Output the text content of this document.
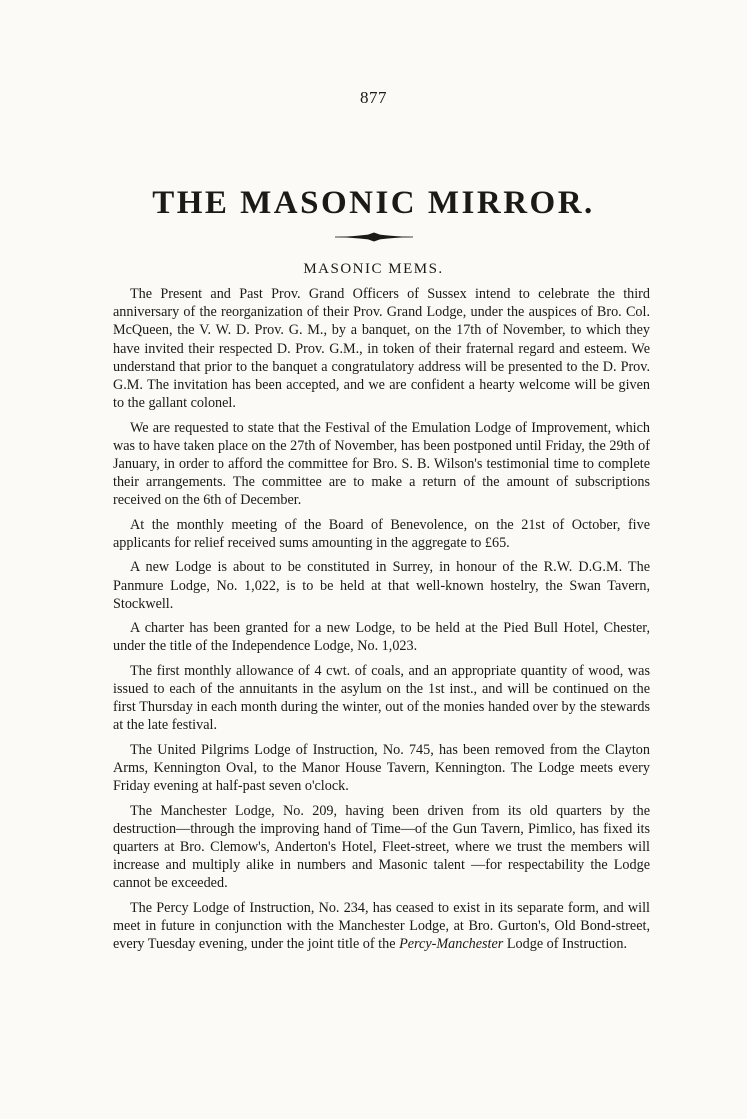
877
THE MASONIC MIRROR.
MASONIC MEMS.

The Present and Past Prov. Grand Officers of Sussex intend to celebrate the third anniversary of the reorganization of their Prov. Grand Lodge, under the auspices of Bro. Col. McQueen, the V. W. D. Prov. G. M., by a banquet, on the 17th of November, to which they have invited their respected D. Prov. G.M., in token of their fraternal regard and esteem. We understand that prior to the banquet a congratulatory address will be presented to the D. Prov. G.M. The invitation has been accepted, and we are confident a hearty welcome will be given to the gallant colonel.

We are requested to state that the Festival of the Emulation Lodge of Improvement, which was to have taken place on the 27th of November, has been postponed until Friday, the 29th of January, in order to afford the committee for Bro. S. B. Wilson's testimonial time to complete their arrangements. The committee are to make a return of the amount of subscriptions received on the 6th of December.

At the monthly meeting of the Board of Benevolence, on the 21st of October, five applicants for relief received sums amounting in the aggregate to £65.

A new Lodge is about to be constituted in Surrey, in honour of the R.W. D.G.M. The Panmure Lodge, No. 1,022, is to be held at that well-known hostelry, the Swan Tavern, Stockwell.

A charter has been granted for a new Lodge, to be held at the Pied Bull Hotel, Chester, under the title of the Independence Lodge, No. 1,023.

The first monthly allowance of 4 cwt. of coals, and an appropriate quantity of wood, was issued to each of the annuitants in the asylum on the 1st inst., and will be continued on the first Thursday in each month during the winter, out of the monies handed over by the stewards at the late festival.

The United Pilgrims Lodge of Instruction, No. 745, has been removed from the Clayton Arms, Kennington Oval, to the Manor House Tavern, Kennington. The Lodge meets every Friday evening at half-past seven o'clock.

The Manchester Lodge, No. 209, having been driven from its old quarters by the destruction—through the improving hand of Time—of the Gun Tavern, Pimlico, has fixed its quarters at Bro. Clemow's, Anderton's Hotel, Fleet-street, where we trust the members will increase and multiply alike in numbers and Masonic talent —for respectability the Lodge cannot be exceeded.

The Percy Lodge of Instruction, No. 234, has ceased to exist in its separate form, and will meet in future in conjunction with the Manchester Lodge, at Bro. Gurton's, Old Bond-street, every Tuesday evening, under the joint title of the Percy-Manchester Lodge of Instruction.
